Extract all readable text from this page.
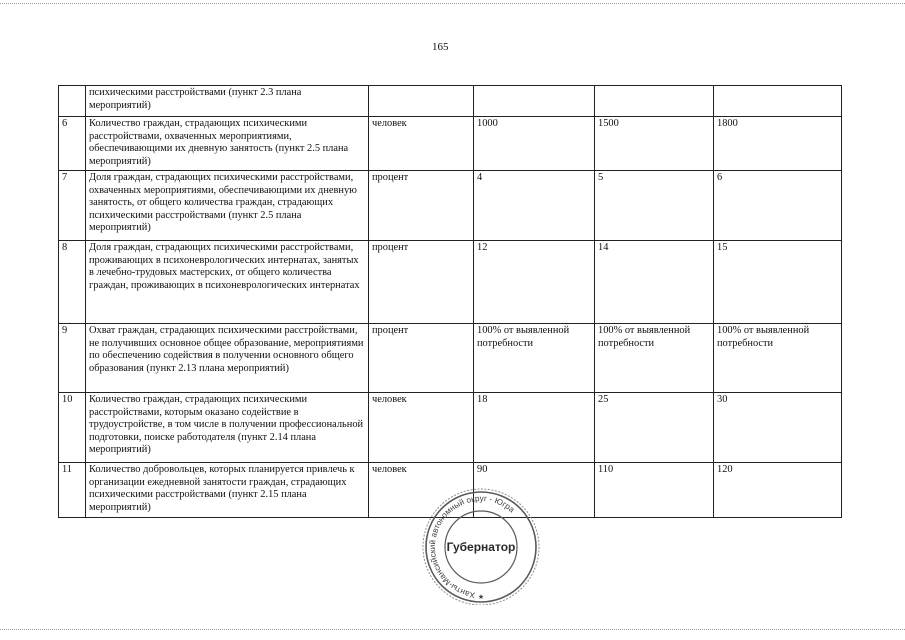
165
	психическими расстройствами (пункт 2.3 плана мероприятий)				
6	Количество граждан, страдающих психическими расстройствами, охваченных мероприятиями, обеспечивающими их дневную занятость (пункт 2.5 плана мероприятий)	человек	1000	1500	1800
7	Доля граждан, страдающих психическими расстройствами, охваченных мероприятиями, обеспечивающими их дневную занятость, от общего количества граждан, страдающих психическими расстройствами (пункт 2.5 плана мероприятий)	процент	4	5	6
8	Доля граждан, страдающих психическими расстройствами, проживающих в психоневрологических интернатах, занятых в лечебно-трудовых мастерских, от общего количества граждан, проживающих в психоневрологических интернатах	процент	12	14	15
9	Охват граждан, страдающих психическими расстройствами, не получивших основное общее образование, мероприятиями по обеспечению содействия в получении основного общего образования (пункт 2.13 плана мероприятий)	процент	100% от выявленной потребности	100% от выявленной потребности	100% от выявленной потребности
10	Количество граждан, страдающих психическими расстройствами, которым оказано содействие в трудоустройстве, в том числе в получении профессиональной подготовки, поиске работодателя (пункт 2.14 плана мероприятий)	человек	18	25	30
11	Количество добровольцев, которых планируется привлечь к организации ежедневной занятости граждан, страдающих психическими расстройствами (пункт 2.15 плана мероприятий)	человек	90	110	120
Ханты-Мансийский автономный округ - Югра
Губернатор
★
